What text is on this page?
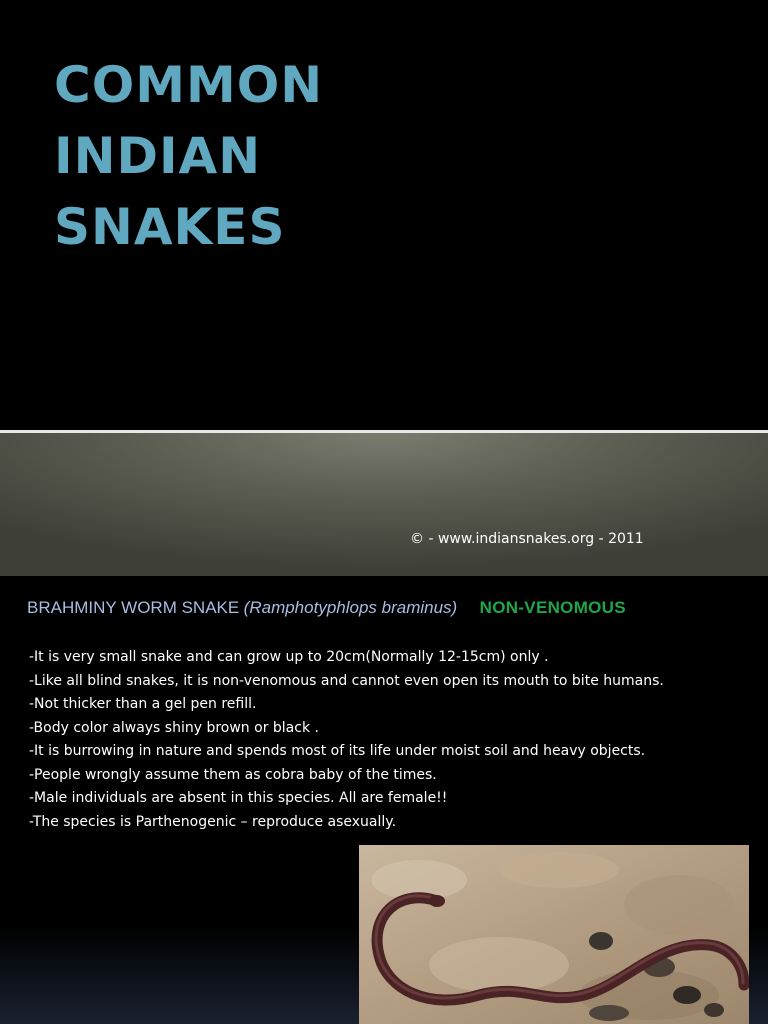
COMMON
INDIAN
SNAKES
© - www.indiansnakes.org - 2011
BRAHMINY WORM SNAKE (Ramphotyphlops braminus) NON-VENOMOUS
-It is very small snake and can grow up to 20cm(Normally 12-15cm) only .
-Like all blind snakes, it is non-venomous and cannot even open its mouth to bite humans.
-Not thicker than a gel pen refill.
-Body color always shiny brown or black .
-It is burrowing in nature and spends most of its life under moist soil and heavy objects.
-People wrongly assume them as cobra baby of the times.
-Male individuals are absent in this species. All are female!!
-The species is Parthenogenic – reproduce asexually.
